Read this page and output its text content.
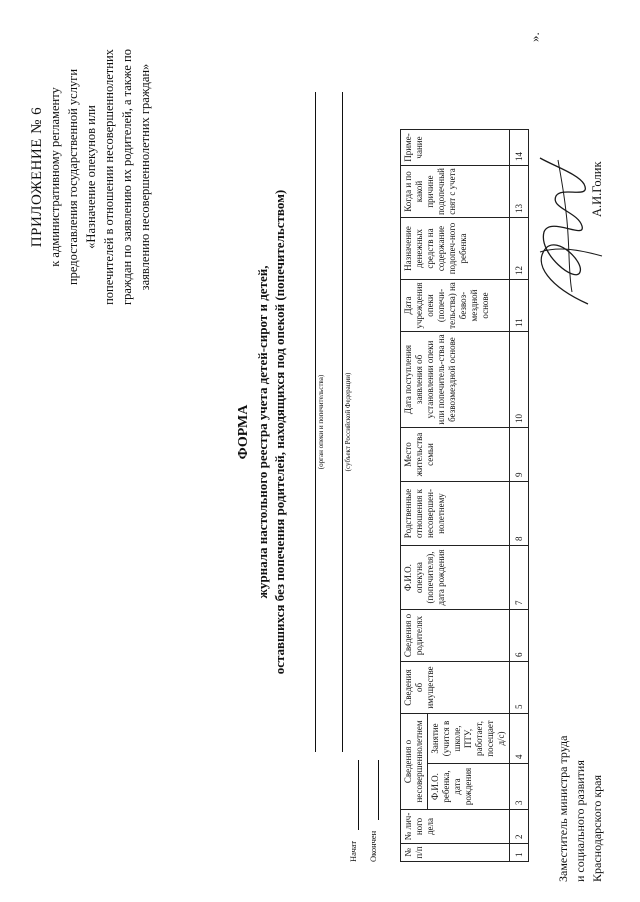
ПРИЛОЖЕНИЕ № 6 к административному регламенту предоставления государственной услуги «Назначение опекунов или попечителей в отношении несовершеннолетних граждан по заявлению их родителей, а также по заявлению несовершеннолетних граждан»
ФОРМА журнала настольного реестра учета детей-сирот и детей, оставшихся без попечения родителей, находящихся под опекой (попечительством)	(орган опеки и попечительства)	(субъект Российской Федерации)
Начат Окончен	№ п/п	№ лич-ного дела	Сведения о несовершеннолетнем		Сведения об имуществе	Сведения о родителях	Ф.И.О. опекуна (попечителя), дата рождения	Родственные отношения к несовершен-нолетнему	Место жительства семьи	Дата поступления заявления об установлении опеки или попечитель-ства на безвозмездной основе	Дата учреждения опеки (попечи-тельства) на безвоз-мездной основе	Назначение денежных средств на содержание подопеч-ного ребенка	Когда и по какой причине подопечный снят с учета	Приме-чание
		Ф.И.О. ребенка, дата рождения	Занятие (учится в школе, ПТУ, работает, посещает д/с)										
1	2	3	4	5	6	7	8	9	10	11	12	13	14
».
Заместитель министра труда и социального развития Краснодарского края
А.И.Голик
